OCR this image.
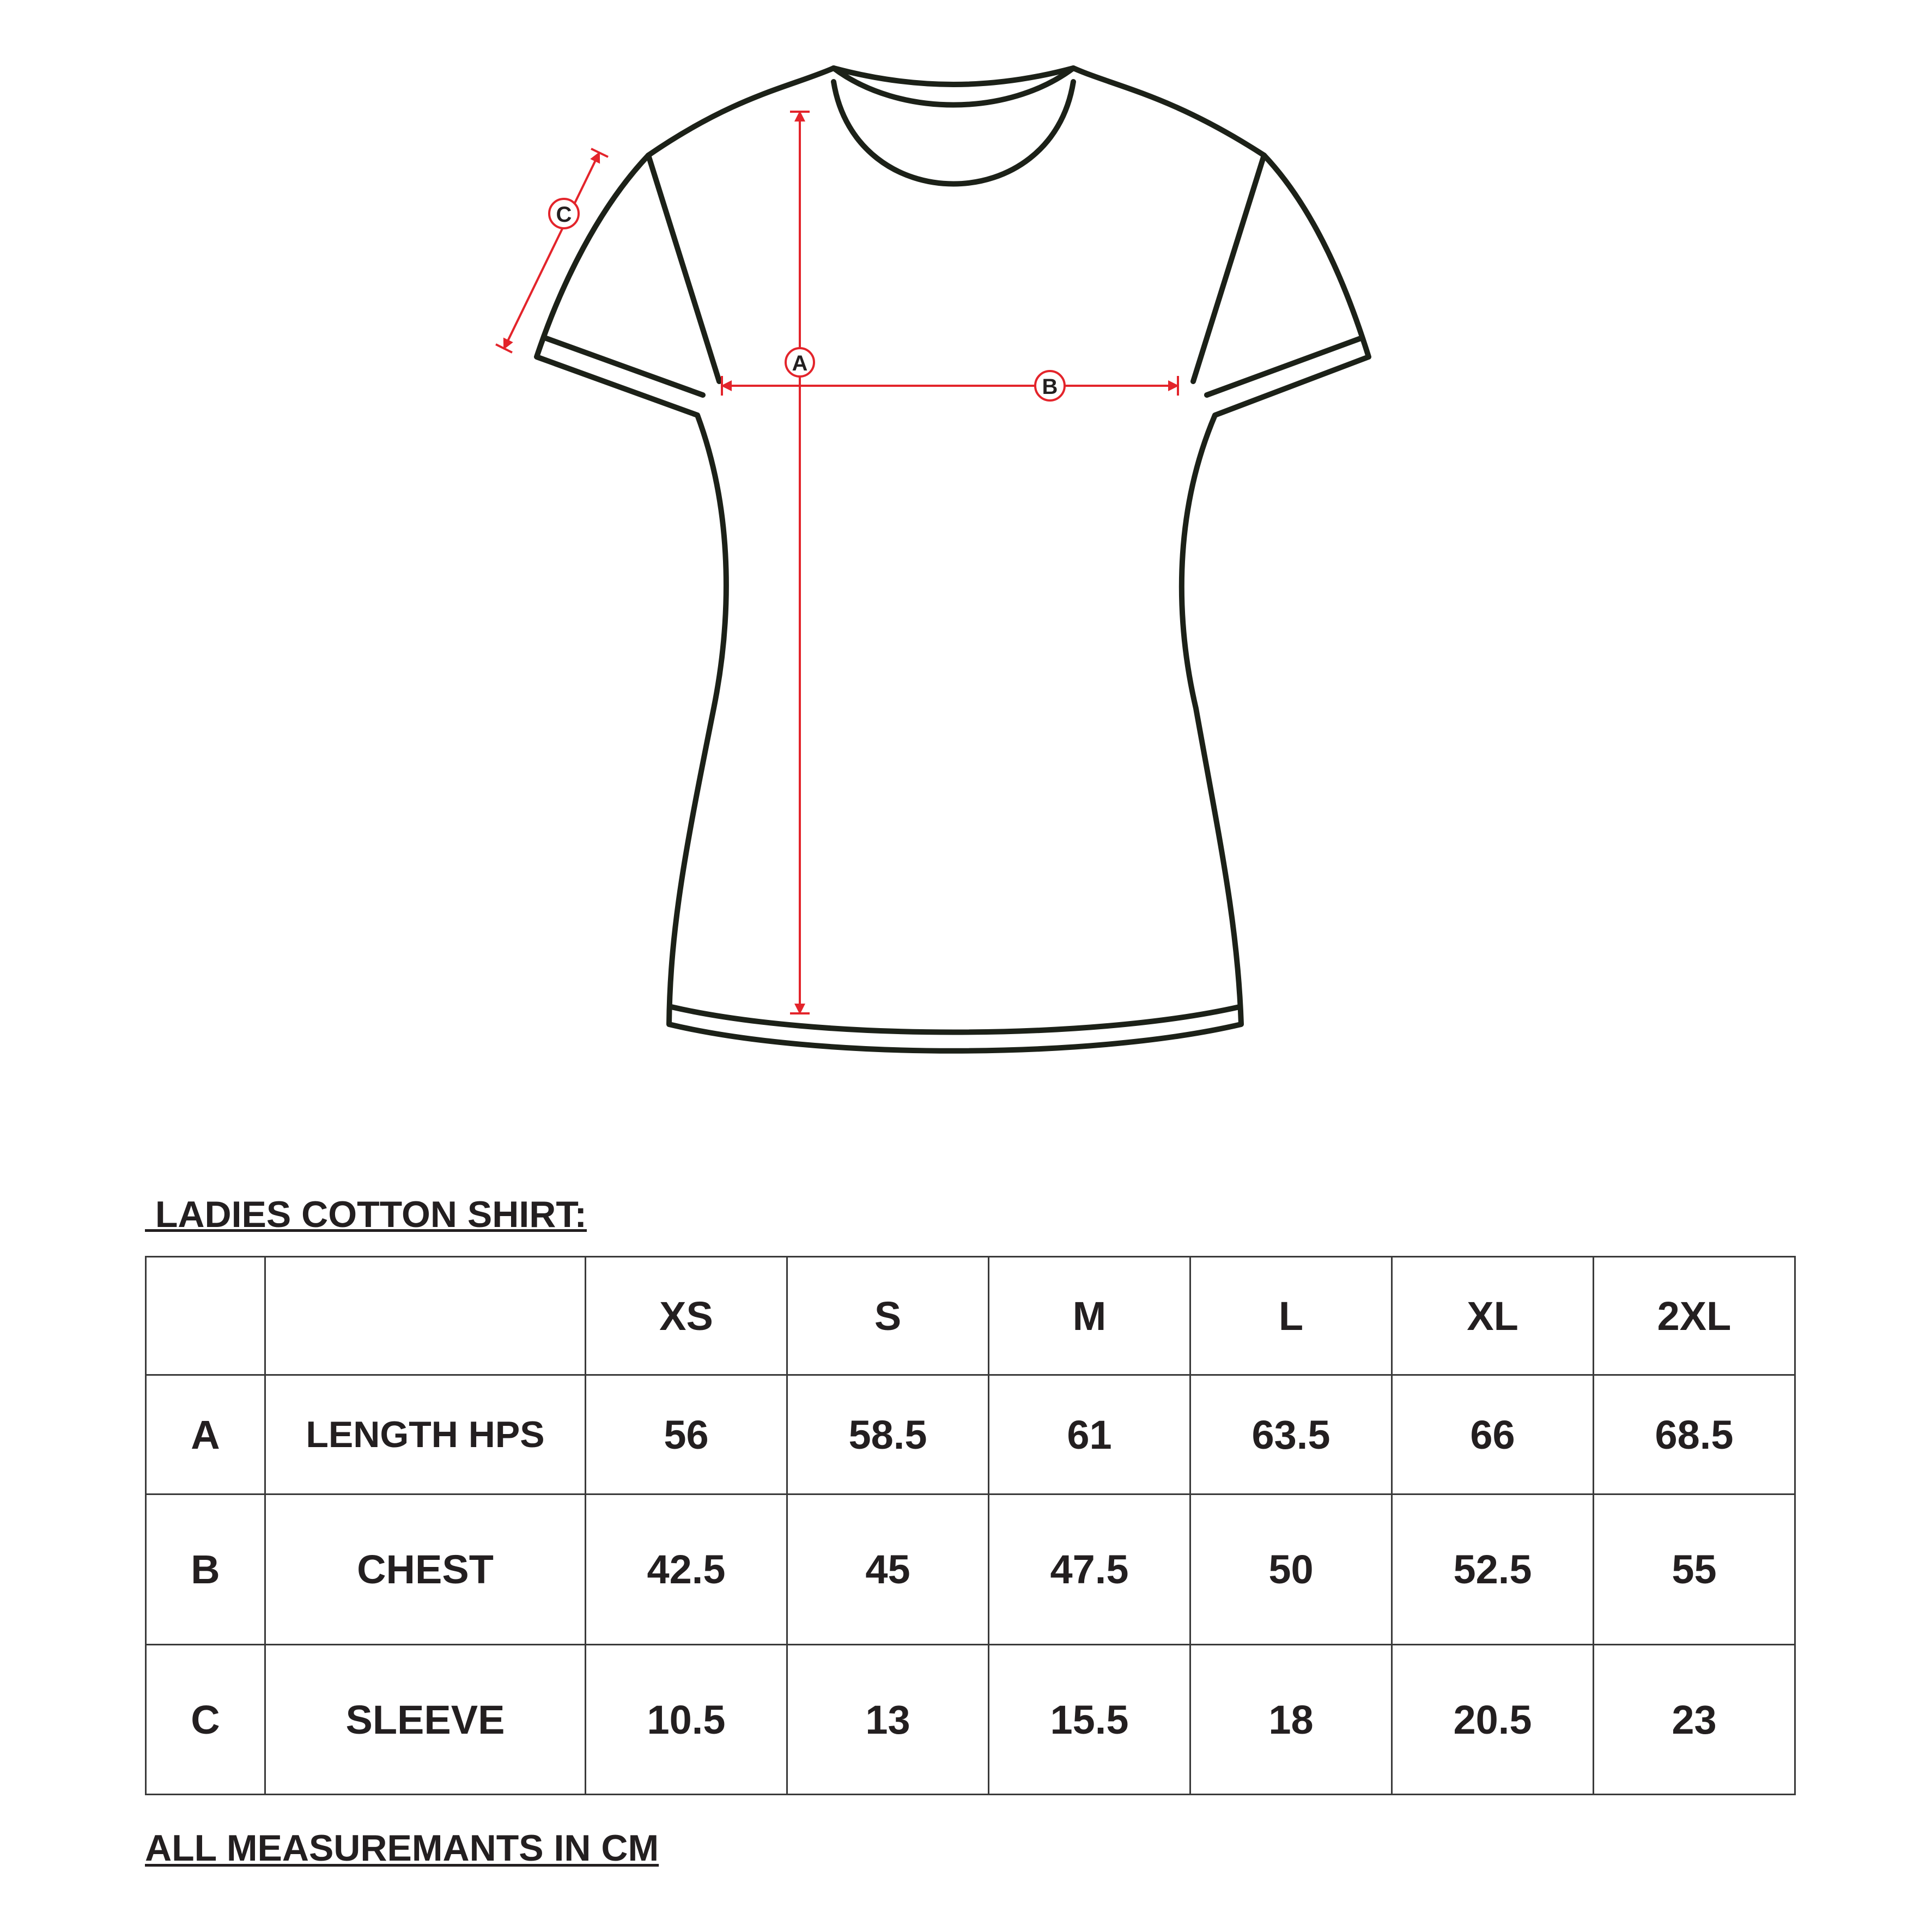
A
B
C
LADIES COTTON SHIRT:
		XS	S	M	L	XL	2XL
A	LENGTH HPS	56	58.5	61	63.5	66	68.5
B	CHEST	42.5	45	47.5	50	52.5	55
C	SLEEVE	10.5	13	15.5	18	20.5	23

ALL MEASUREMANTS IN CM
